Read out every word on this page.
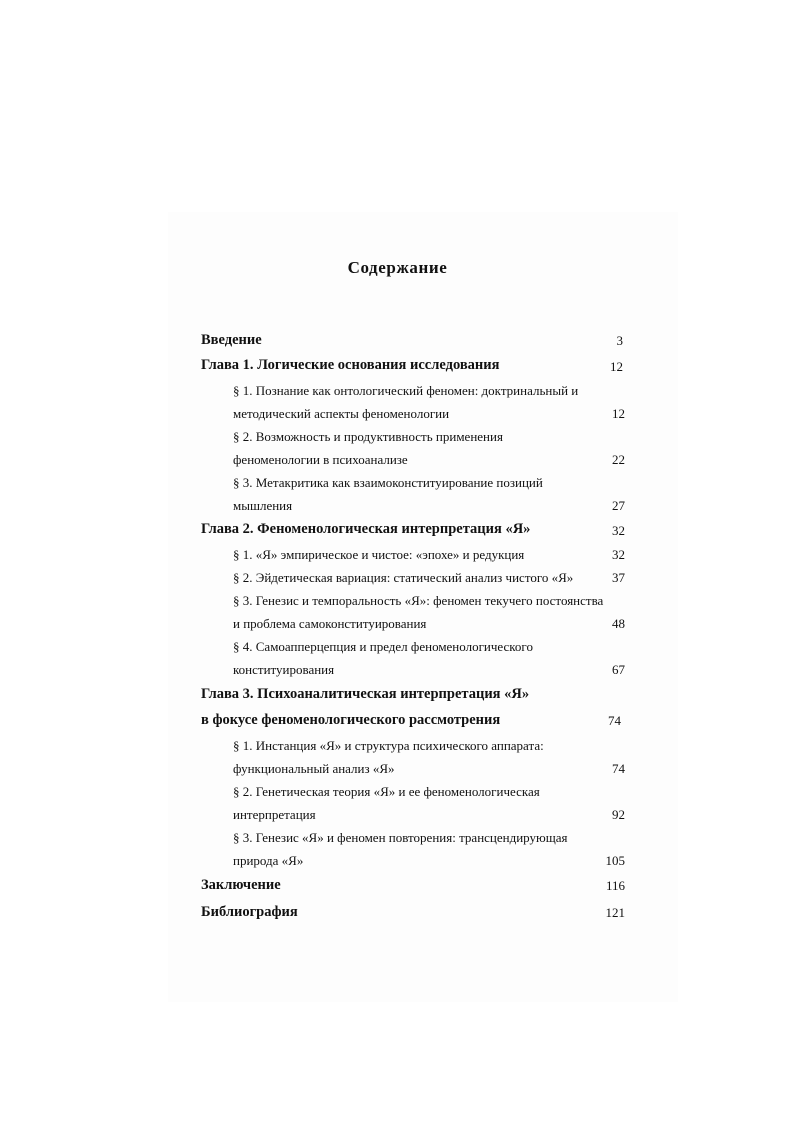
Содержание
Введение	3
Глава 1. Логические основания исследования	12
§ 1. Познание как онтологический феномен: доктринальный и
методический аспекты феноменологии	12
§ 2. Возможность и продуктивность применения
феноменологии в психоанализе	22
§ 3. Метакритика как взаимоконституирование позиций
мышления	27
Глава 2. Феноменологическая интерпретация «Я»	32
§ 1. «Я» эмпирическое и чистое: «эпохе» и редукция	32
§ 2. Эйдетическая вариация: статический анализ чистого «Я»	37
§ 3. Генезис и темпоральность «Я»: феномен текучего постоянства
и проблема самоконституирования	48
§ 4. Самоапперцепция и предел феноменологического
конституирования	67
Глава 3. Психоаналитическая интерпретация «Я»
в фокусе феноменологического рассмотрения	74
§ 1. Инстанция «Я» и структура психического аппарата:
функциональный анализ «Я»	74
§ 2. Генетическая теория «Я» и ее феноменологическая
интерпретация	92
§ 3. Генезис «Я» и феномен повторения: трансцендирующая
природа «Я»	105
Заключение	116
Библиография	121
